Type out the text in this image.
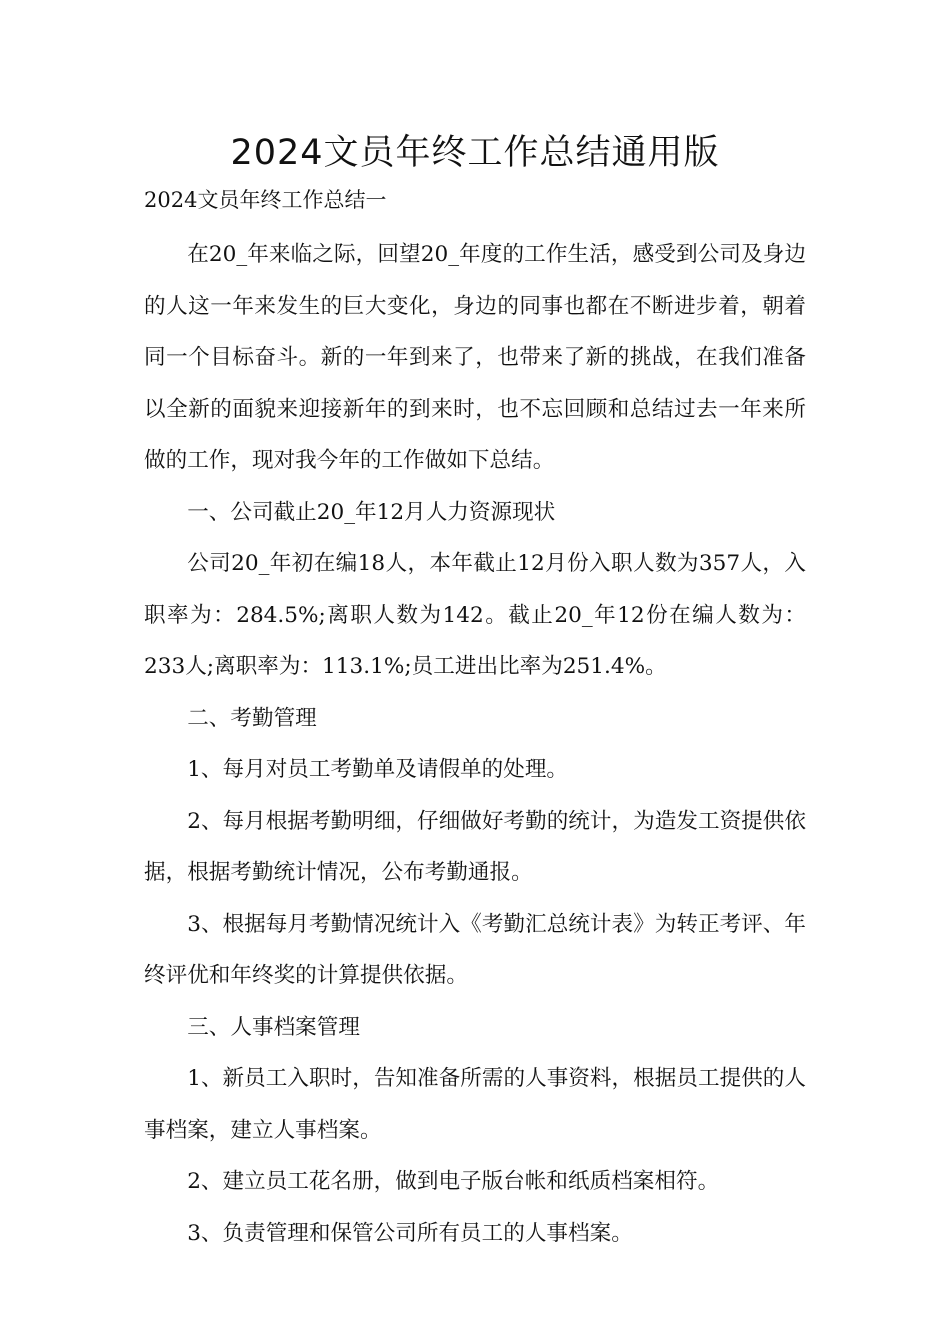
2024文员年终工作总结通用版

2024文员年终工作总结一

在20_年来临之际，回望20_年度的工作生活，感受到公司及身边的人这一年来发生的巨大变化，身边的同事也都在不断进步着，朝着同一个目标奋斗。新的一年到来了，也带来了新的挑战，在我们准备以全新的面貌来迎接新年的到来时，也不忘回顾和总结过去一年来所做的工作，现对我今年的工作做如下总结。

一、公司截止20_年12月人力资源现状

公司20_年初在编18人，本年截止12月份入职人数为357人，入职率为：284.5%;离职人数为142。截止20_年12份在编人数为：233人;离职率为：113.1%;员工进出比率为251.4%。

二、考勤管理

1、每月对员工考勤单及请假单的处理。

2、每月根据考勤明细，仔细做好考勤的统计，为造发工资提供依据，根据考勤统计情况，公布考勤通报。

3、根据每月考勤情况统计入《考勤汇总统计表》为转正考评、年终评优和年终奖的计算提供依据。

三、人事档案管理

1、新员工入职时，告知准备所需的人事资料，根据员工提供的人事档案，建立人事档案。

2、建立员工花名册，做到电子版台帐和纸质档案相符。

3、负责管理和保管公司所有员工的人事档案。
